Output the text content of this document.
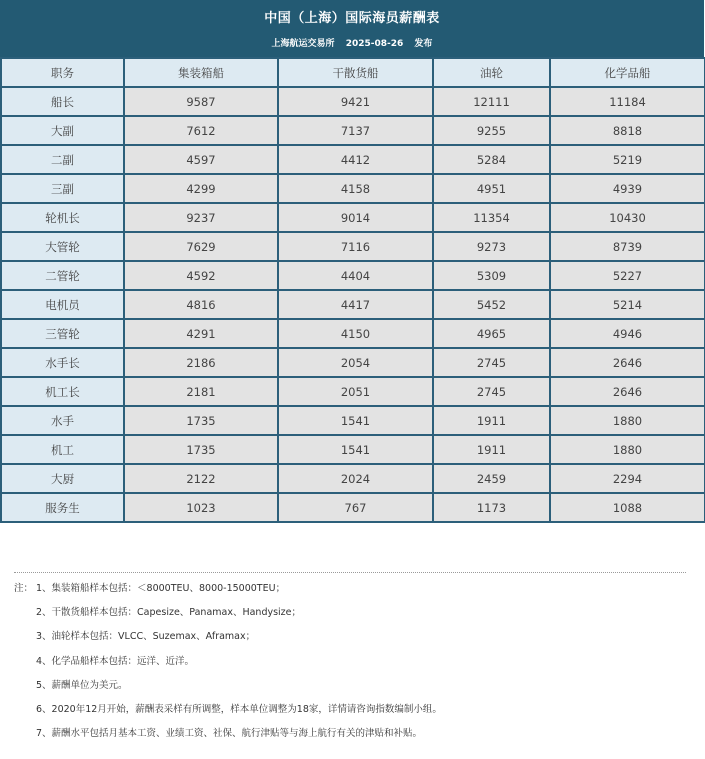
中国（上海）国际海员薪酬表
上海航运交易所 2025-08-26 发布
职务	集装箱船	干散货船	油轮	化学品船
船长	9587	9421	12111	11184
大副	7612	7137	9255	8818
二副	4597	4412	5284	5219
三副	4299	4158	4951	4939
轮机长	9237	9014	11354	10430
大管轮	7629	7116	9273	8739
二管轮	4592	4404	5309	5227
电机员	4816	4417	5452	5214
三管轮	4291	4150	4965	4946
水手长	2186	2054	2745	2646
机工长	2181	2051	2745	2646
水手	1735	1541	1911	1880
机工	1735	1541	1911	1880
大厨	2122	2024	2459	2294
服务生	1023	767	1173	1088
注： 1、集装箱船样本包括：＜8000TEU、8000-15000TEU；
2、干散货船样本包括：Capesize、Panamax、Handysize；
3、油轮样本包括：VLCC、Suzemax、Aframax；
4、化学品船样本包括：远洋、近洋。
5、薪酬单位为美元。
6、2020年12月开始，薪酬表采样有所调整，样本单位调整为18家，详情请咨询指数编制小组。
7、薪酬水平包括月基本工资、业绩工资、社保、航行津贴等与海上航行有关的津贴和补贴。
